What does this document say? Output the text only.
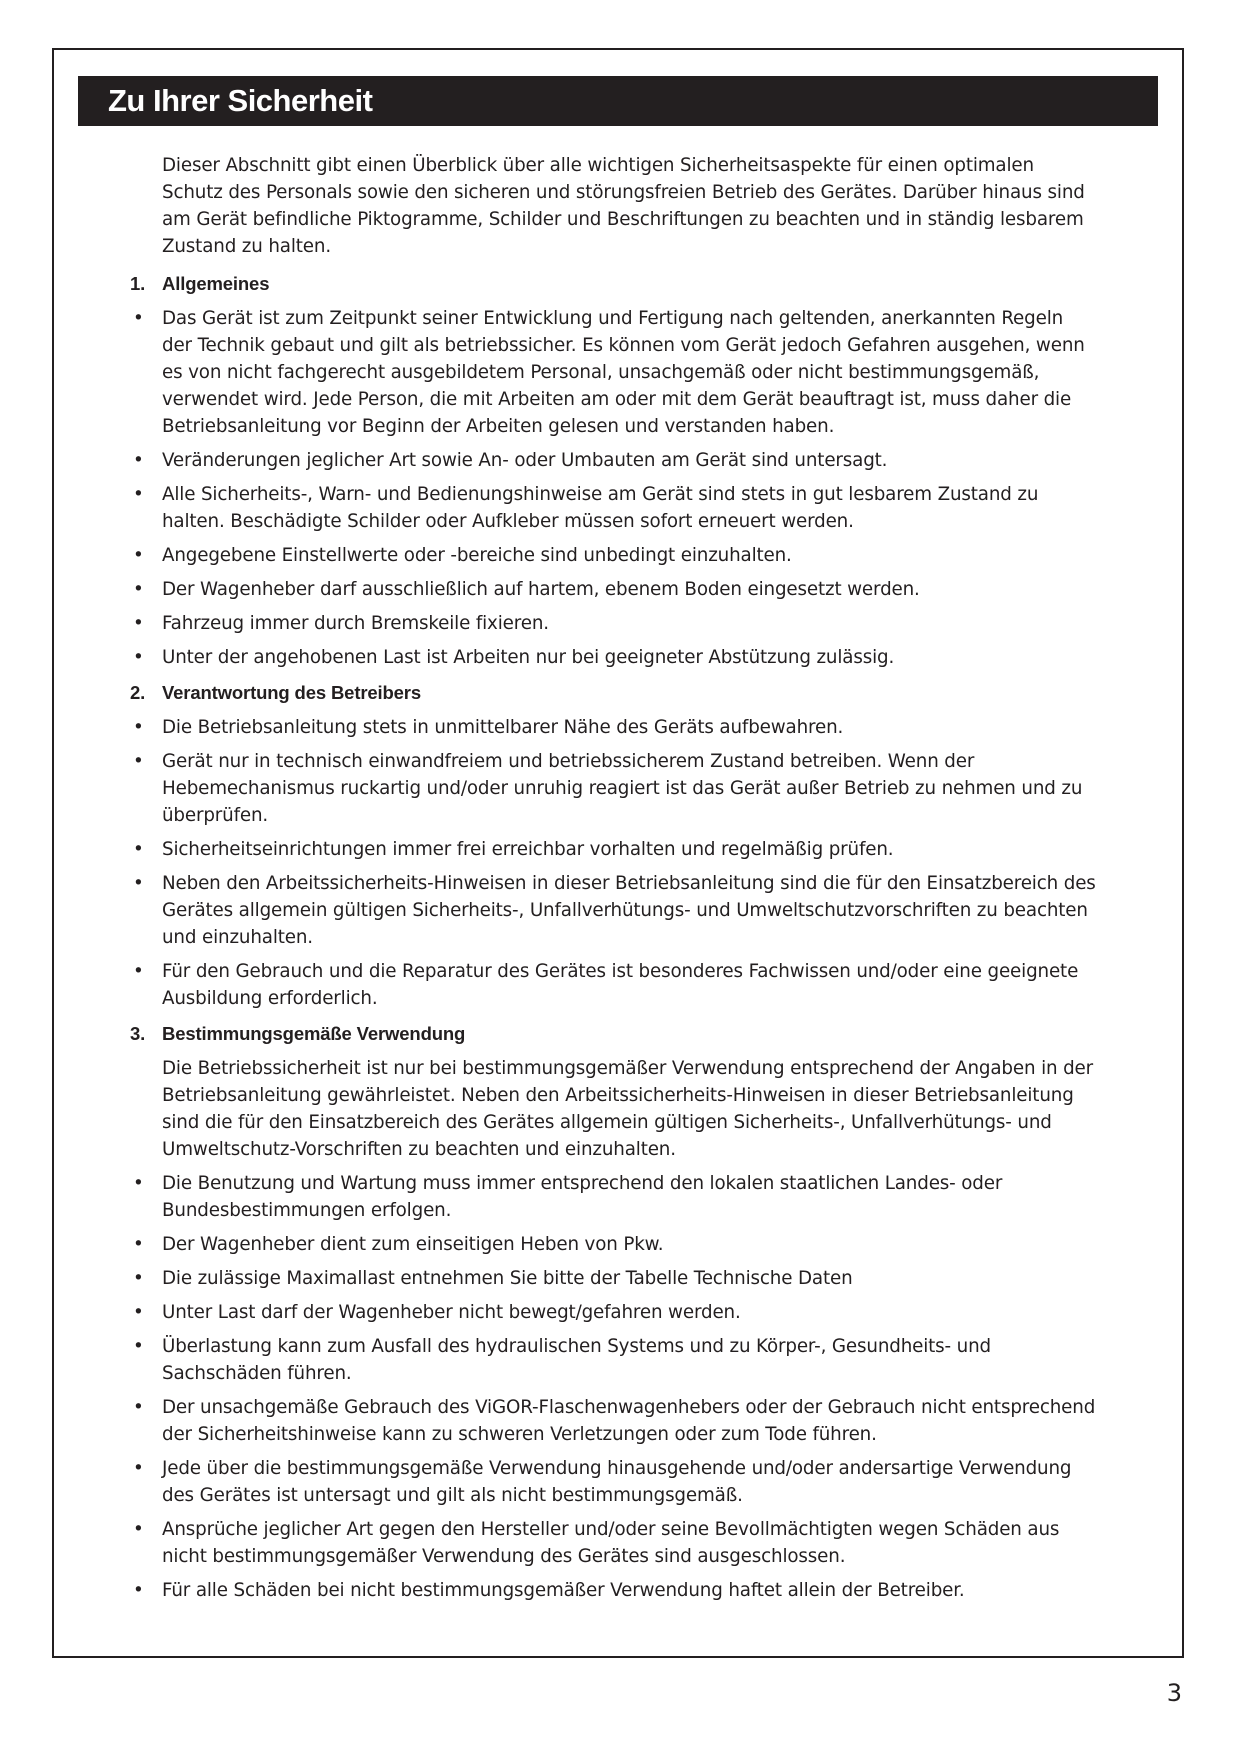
Zu Ihrer Sicherheit

Dieser Abschnitt gibt einen Überblick über alle wichtigen Sicherheitsaspekte für einen optimalen Schutz des Personals sowie den sicheren und störungsfreien Betrieb des Gerätes. Darüber hinaus sind am Gerät befindliche Piktogramme, Schilder und Beschriftungen zu beachten und in ständig lesbarem Zustand zu halten.

1. Allgemeines
• Das Gerät ist zum Zeitpunkt seiner Entwicklung und Fertigung nach geltenden, anerkannten Regeln der Technik gebaut und gilt als betriebssicher. Es können vom Gerät jedoch Gefahren ausgehen, wenn es von nicht fachgerecht ausgebildetem Personal, unsachgemäß oder nicht bestimmungsgemäß, verwendet wird. Jede Person, die mit Arbeiten am oder mit dem Gerät beauftragt ist, muss daher die Betriebsanleitung vor Beginn der Arbeiten gelesen und verstanden haben.
• Veränderungen jeglicher Art sowie An- oder Umbauten am Gerät sind untersagt.
• Alle Sicherheits-, Warn- und Bedienungshinweise am Gerät sind stets in gut lesbarem Zustand zu halten. Beschädigte Schilder oder Aufkleber müssen sofort erneuert werden.
• Angegebene Einstellwerte oder -bereiche sind unbedingt einzuhalten.
• Der Wagenheber darf ausschließlich auf hartem, ebenem Boden eingesetzt werden.
• Fahrzeug immer durch Bremskeile fixieren.
• Unter der angehobenen Last ist Arbeiten nur bei geeigneter Abstützung zulässig.
2. Verantwortung des Betreibers
• Die Betriebsanleitung stets in unmittelbarer Nähe des Geräts aufbewahren.
• Gerät nur in technisch einwandfreiem und betriebssicherem Zustand betreiben. Wenn der Hebemechanismus ruckartig und/oder unruhig reagiert ist das Gerät außer Betrieb zu nehmen und zu überprüfen.
• Sicherheitseinrichtungen immer frei erreichbar vorhalten und regelmäßig prüfen.
• Neben den Arbeitssicherheits-Hinweisen in dieser Betriebsanleitung sind die für den Einsatzbereich des Gerätes allgemein gültigen Sicherheits-, Unfallverhütungs- und Umweltschutzvorschriften zu beachten und einzuhalten.
• Für den Gebrauch und die Reparatur des Gerätes ist besonderes Fachwissen und/oder eine geeignete Ausbildung erforderlich.
3. Bestimmungsgemäße Verwendung

Die Betriebssicherheit ist nur bei bestimmungsgemäßer Verwendung entsprechend der Angaben in der Betriebsanleitung gewährleistet. Neben den Arbeitssicherheits-Hinweisen in dieser Betriebsanleitung sind die für den Einsatzbereich des Gerätes allgemein gültigen Sicherheits-, Unfallverhütungs- und Umweltschutz-Vorschriften zu beachten und einzuhalten.

• Die Benutzung und Wartung muss immer entsprechend den lokalen staatlichen Landes- oder Bundesbestimmungen erfolgen.
• Der Wagenheber dient zum einseitigen Heben von Pkw.
• Die zulässige Maximallast entnehmen Sie bitte der Tabelle Technische Daten
• Unter Last darf der Wagenheber nicht bewegt/gefahren werden.
• Überlastung kann zum Ausfall des hydraulischen Systems und zu Körper-, Gesundheits- und Sachschäden führen.
• Der unsachgemäße Gebrauch des ViGOR-Flaschenwagenhebers oder der Gebrauch nicht entsprechend der Sicherheitshinweise kann zu schweren Verletzungen oder zum Tode führen.
• Jede über die bestimmungsgemäße Verwendung hinausgehende und/oder andersartige Verwendung des Gerätes ist untersagt und gilt als nicht bestimmungsgemäß.
• Ansprüche jeglicher Art gegen den Hersteller und/oder seine Bevollmächtigten wegen Schäden aus nicht bestimmungsgemäßer Verwendung des Gerätes sind ausgeschlossen.
• Für alle Schäden bei nicht bestimmungsgemäßer Verwendung haftet allein der Betreiber.
3
